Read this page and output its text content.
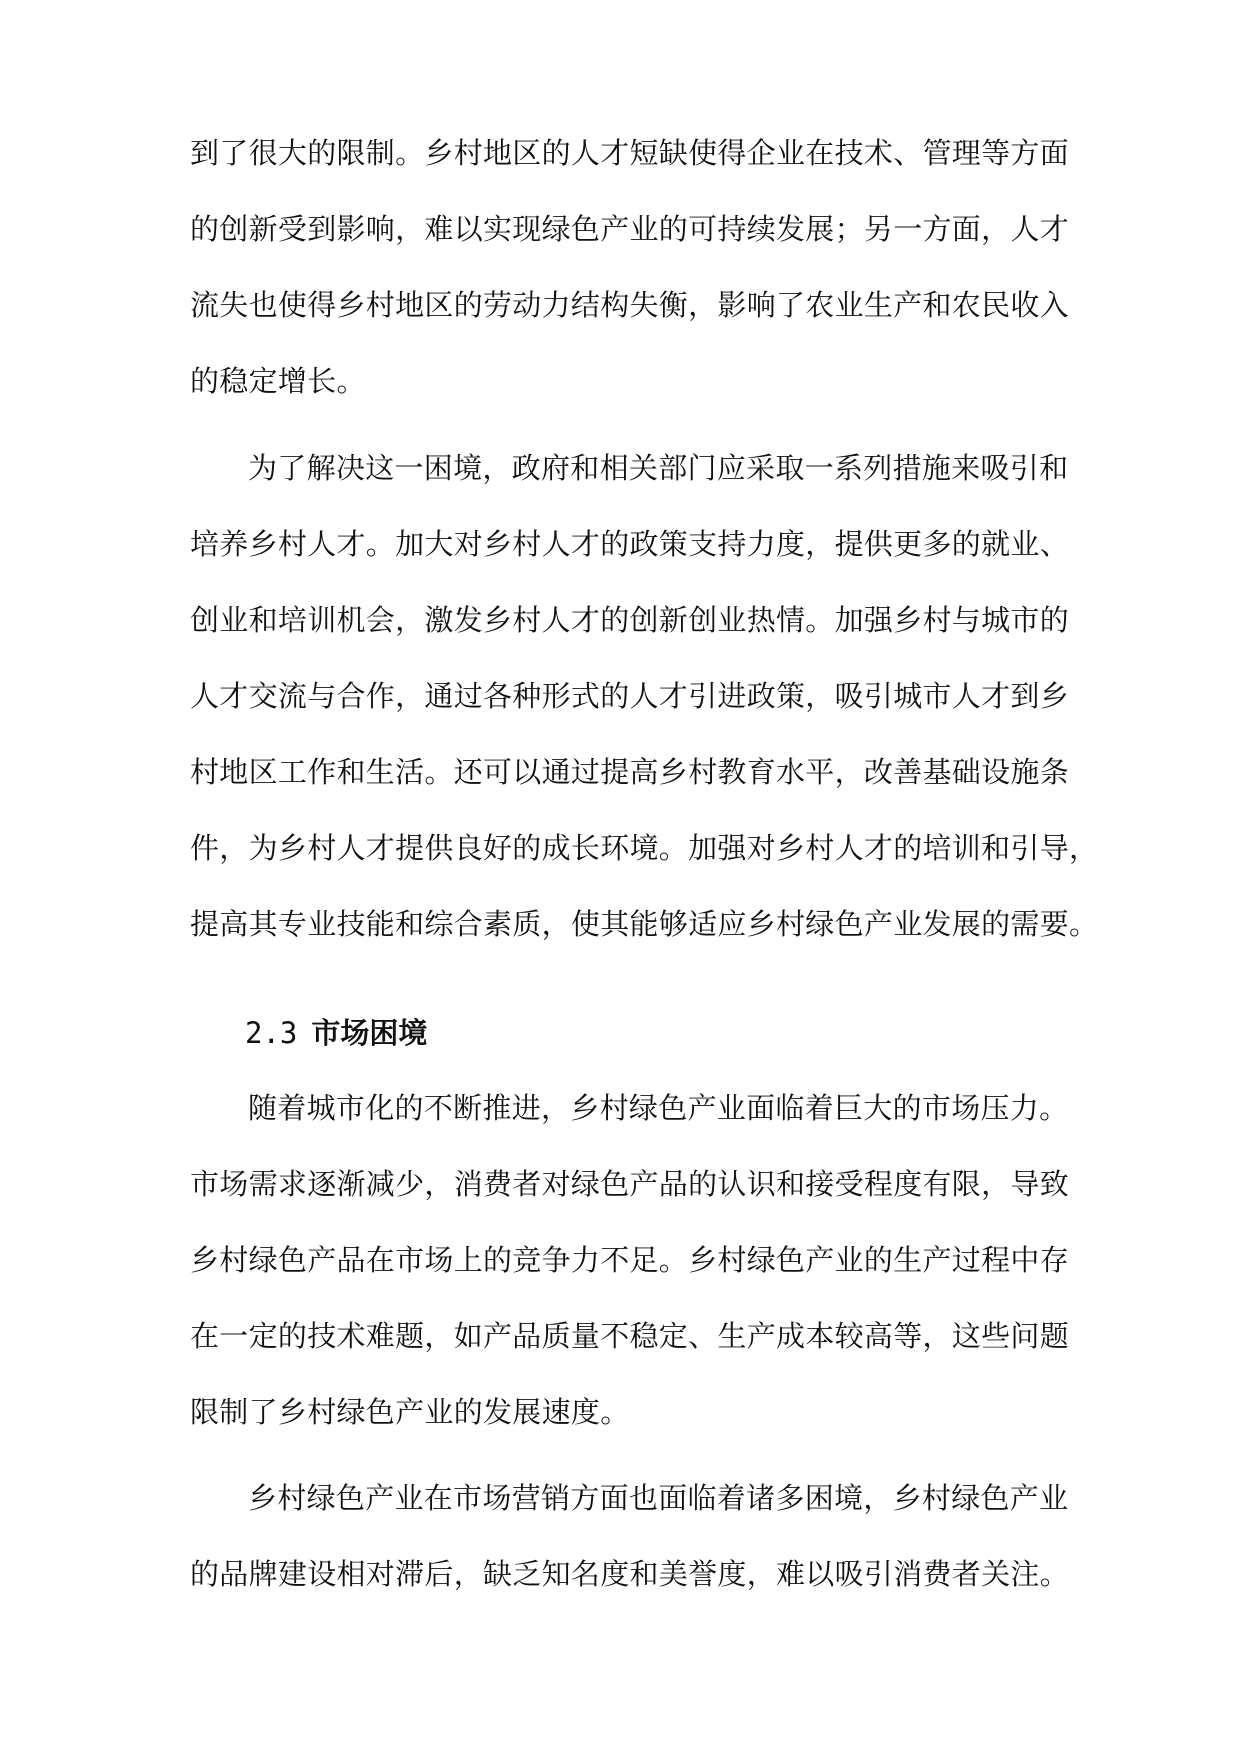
到了很大的限制。乡村地区的人才短缺使得企业在技术、管理等方面
的创新受到影响，难以实现绿色产业的可持续发展；另一方面，人才
流失也使得乡村地区的劳动力结构失衡，影响了农业生产和农民收入
的稳定增长。
为了解决这一困境，政府和相关部门应采取一系列措施来吸引和
培养乡村人才。加大对乡村人才的政策支持力度，提供更多的就业、
创业和培训机会，激发乡村人才的创新创业热情。加强乡村与城市的
人才交流与合作，通过各种形式的人才引进政策，吸引城市人才到乡
村地区工作和生活。还可以通过提高乡村教育水平，改善基础设施条
件，为乡村人才提供良好的成长环境。加强对乡村人才的培训和引导，
提高其专业技能和综合素质，使其能够适应乡村绿色产业发展的需要。
2.3 市场困境
随着城市化的不断推进，乡村绿色产业面临着巨大的市场压力。
市场需求逐渐减少，消费者对绿色产品的认识和接受程度有限，导致
乡村绿色产品在市场上的竞争力不足。乡村绿色产业的生产过程中存
在一定的技术难题，如产品质量不稳定、生产成本较高等，这些问题
限制了乡村绿色产业的发展速度。
乡村绿色产业在市场营销方面也面临着诸多困境，乡村绿色产业
的品牌建设相对滞后，缺乏知名度和美誉度，难以吸引消费者关注。
